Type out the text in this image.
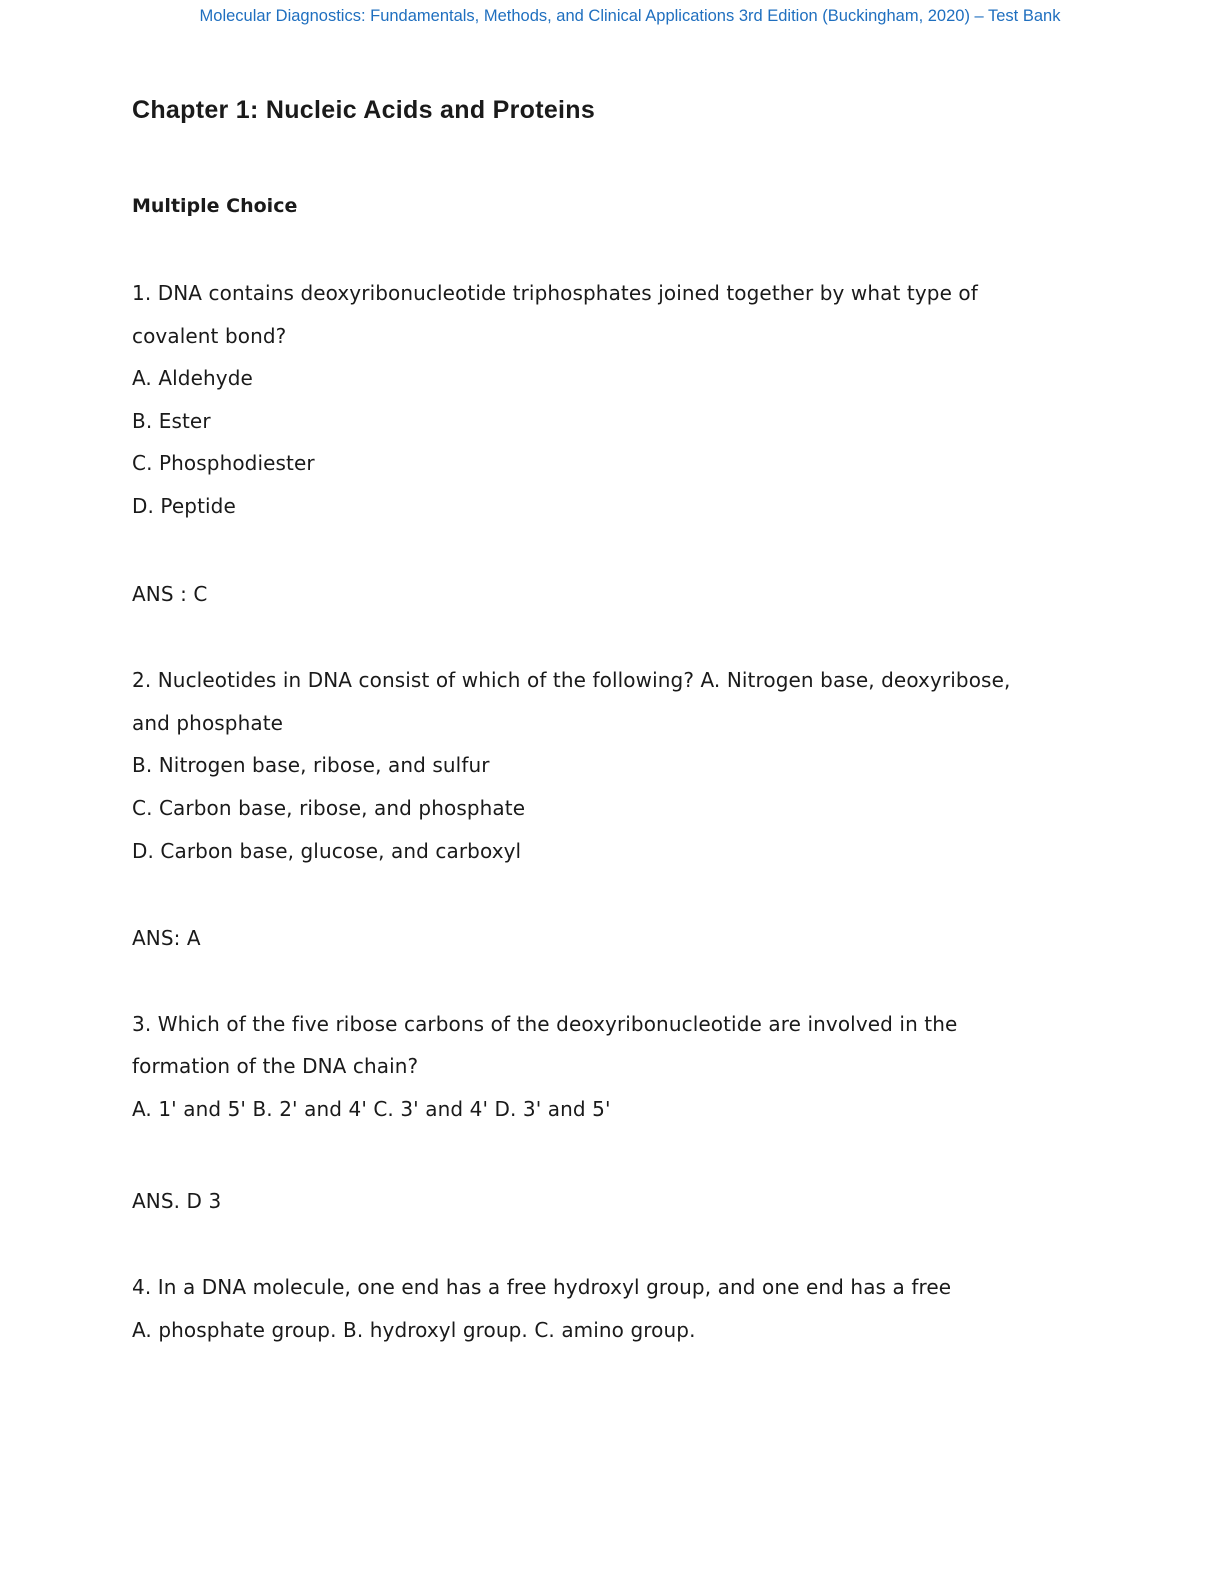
Molecular Diagnostics: Fundamentals, Methods, and Clinical Applications 3rd Edition (Buckingham, 2020) – Test Bank
Chapter 1: Nucleic Acids and Proteins
Multiple Choice
1. DNA contains deoxyribonucleotide triphosphates joined together by what type of
covalent bond?
A. Aldehyde
B. Ester
C. Phosphodiester
D. Peptide
ANS : C
2. Nucleotides in DNA consist of which of the following? A. Nitrogen base, deoxyribose,
and phosphate
B. Nitrogen base, ribose, and sulfur
C. Carbon base, ribose, and phosphate
D. Carbon base, glucose, and carboxyl
ANS: A
3. Which of the five ribose carbons of the deoxyribonucleotide are involved in the
formation of the DNA chain?
A. 1' and 5' B. 2' and 4' C. 3' and 4' D. 3' and 5'
ANS. D 3
4. In a DNA molecule, one end has a free hydroxyl group, and one end has a free
A. phosphate group. B. hydroxyl group. C. amino group.
